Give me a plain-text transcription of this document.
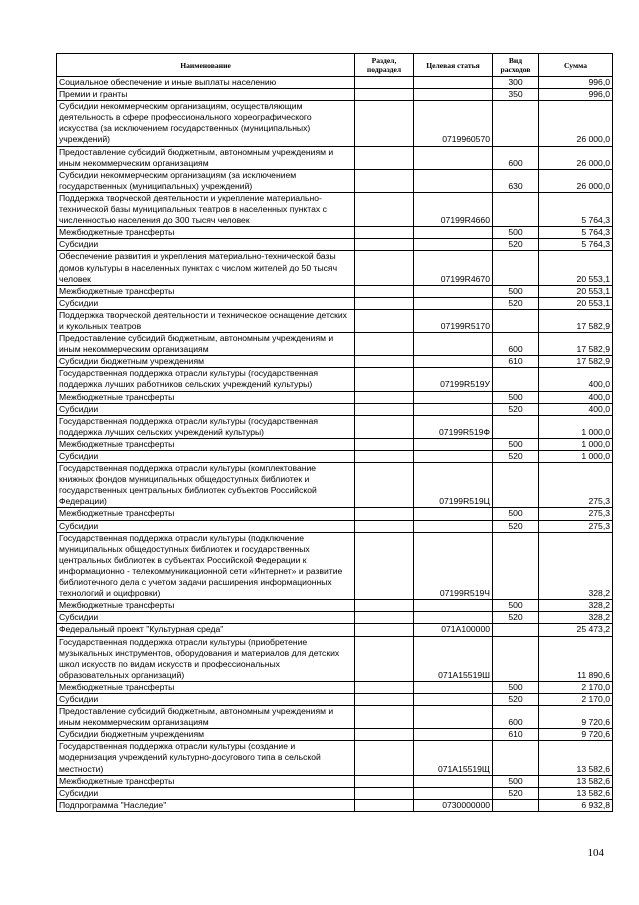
Наименование	Раздел, подраздел	Целевая статья	Вид расходов	Сумма
Социальное обеспечение и иные выплаты населению			300	996,0
Премии и гранты			350	996,0
Субсидии некоммерческим организациям, осуществляющим деятельность в сфере профессионального хореографического искусства (за исключением государственных (муниципальных) учреждений)		0719960570		26 000,0
Предоставление субсидий бюджетным, автономным учреждениям и иным некоммерческим организациям			600	26 000,0
Субсидии некоммерческим организациям (за исключением государственных (муниципальных) учреждений)			630	26 000,0
Поддержка творческой деятельности и укрепление материально-технической базы муниципальных театров в населенных пунктах с численностью населения до 300 тысяч человек		07199R4660		5 764,3
Межбюджетные трансферты			500	5 764,3
Субсидии			520	5 764,3
Обеспечение развития и укрепления материально-технической базы домов культуры в населенных пунктах с числом жителей до 50 тысяч человек		07199R4670		20 553,1
Межбюджетные трансферты			500	20 553,1
Субсидии			520	20 553,1
Поддержка творческой деятельности и техническое оснащение детских и кукольных театров		07199R5170		17 582,9
Предоставление субсидий бюджетным, автономным учреждениям и иным некоммерческим организациям			600	17 582,9
Субсидии бюджетным учреждениям			610	17 582,9
Государственная поддержка отрасли культуры (государственная поддержка лучших работников сельских учреждений культуры)		07199R519У		400,0
Межбюджетные трансферты			500	400,0
Субсидии			520	400,0
Государственная поддержка отрасли культуры (государственная поддержка лучших сельских учреждений культуры)		07199R519Ф		1 000,0
Межбюджетные трансферты			500	1 000,0
Субсидии			520	1 000,0
Государственная поддержка отрасли культуры (комплектование книжных фондов муниципальных общедоступных библиотек и государственных центральных библиотек субъектов Российской Федерации)		07199R519Ц		275,3
Межбюджетные трансферты			500	275,3
Субсидии			520	275,3
Государственная поддержка отрасли культуры (подключение муниципальных общедоступных библиотек и государственных центральных библиотек в субъектах Российской Федерации к информационно - телекоммуникационной сети «Интернет» и развитие библиотечного дела с учетом задачи расширения информационных технологий и оцифровки)		07199R519Ч		328,2
Межбюджетные трансферты			500	328,2
Субсидии			520	328,2
Федеральный проект "Культурная среда"		071A100000		25 473,2
Государственная поддержка отрасли культуры (приобретение музыкальных инструментов, оборудования и материалов для детских школ искусств по видам искусств и профессиональных образовательных организаций)		071A15519Ш		11 890,6
Межбюджетные трансферты			500	2 170,0
Субсидии			520	2 170,0
Предоставление субсидий бюджетным, автономным учреждениям и иным некоммерческим организациям			600	9 720,6
Субсидии бюджетным учреждениям			610	9 720,6
Государственная поддержка отрасли культуры (создание и модернизация учреждений культурно-досугового типа в сельской местности)		071A15519Щ		13 582,6
Межбюджетные трансферты			500	13 582,6
Субсидии			520	13 582,6
Подпрограмма "Наследие"		0730000000		6 932,8
104
